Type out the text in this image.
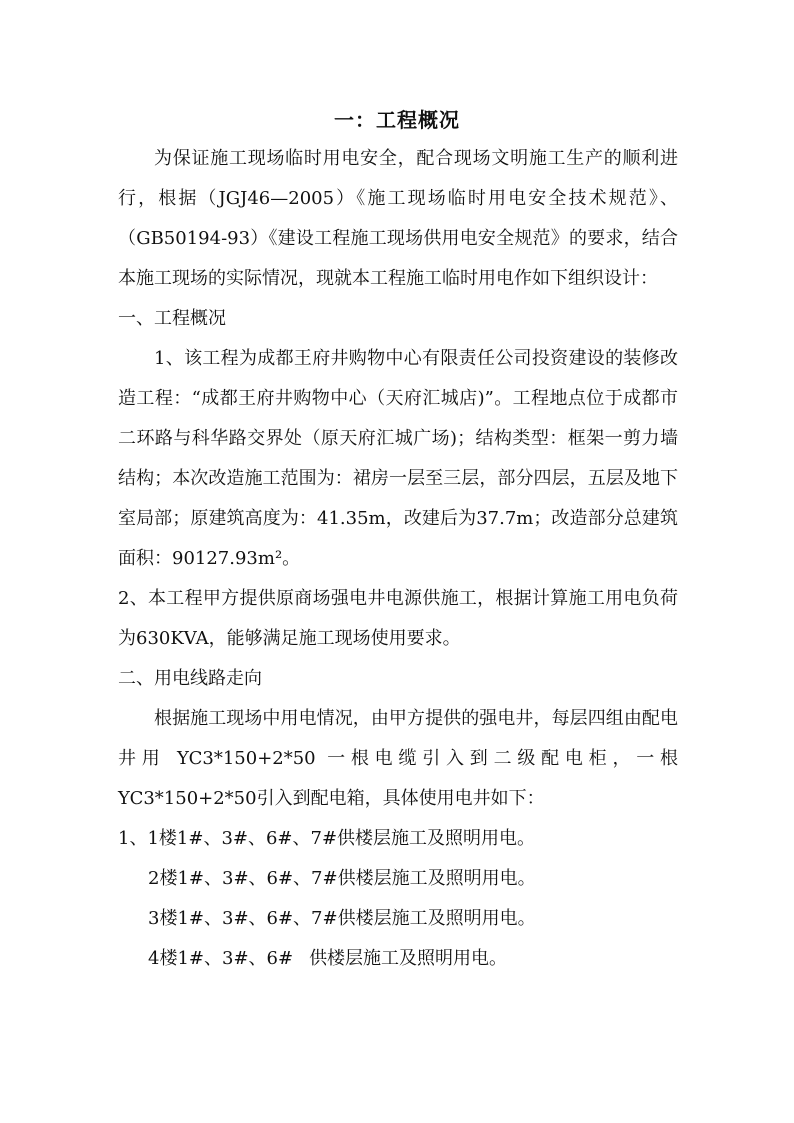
一：工程概况

为保证施工现场临时用电安全，配合现场文明施工生产的顺利进行，根据（JGJ46—2005）《施工现场临时用电安全技术规范》、（GB50194-93）《建设工程施工现场供用电安全规范》的要求，结合本施工现场的实际情况，现就本工程施工临时用电作如下组织设计：

一、工程概况

1、该工程为成都王府井购物中心有限责任公司投资建设的装修改造工程：“成都王府井购物中心（天府汇城店)”。工程地点位于成都市二环路与科华路交界处（原天府汇城广场)；结构类型：框架一剪力墙结构；本次改造施工范围为：裙房一层至三层，部分四层，五层及地下室局部；原建筑高度为：41.35m，改建后为37.7m；改造部分总建筑面积：90127.93m²。

2、本工程甲方提供原商场强电井电源供施工，根据计算施工用电负荷为630KVA，能够满足施工现场使用要求。

二、用电线路走向

根据施工现场中用电情况，由甲方提供的强电井，每层四组由配电井用 YC3*150+2*50 一根电缆引入到二级配电柜，一根YC3*150+2*50引入到配电箱，具体使用电井如下：

1、1楼1#、3#、6#、7#供楼层施工及照明用电。

2楼1#、3#、6#、7#供楼层施工及照明用电。

3楼1#、3#、6#、7#供楼层施工及照明用电。

4楼1#、3#、6# 供楼层施工及照明用电。
